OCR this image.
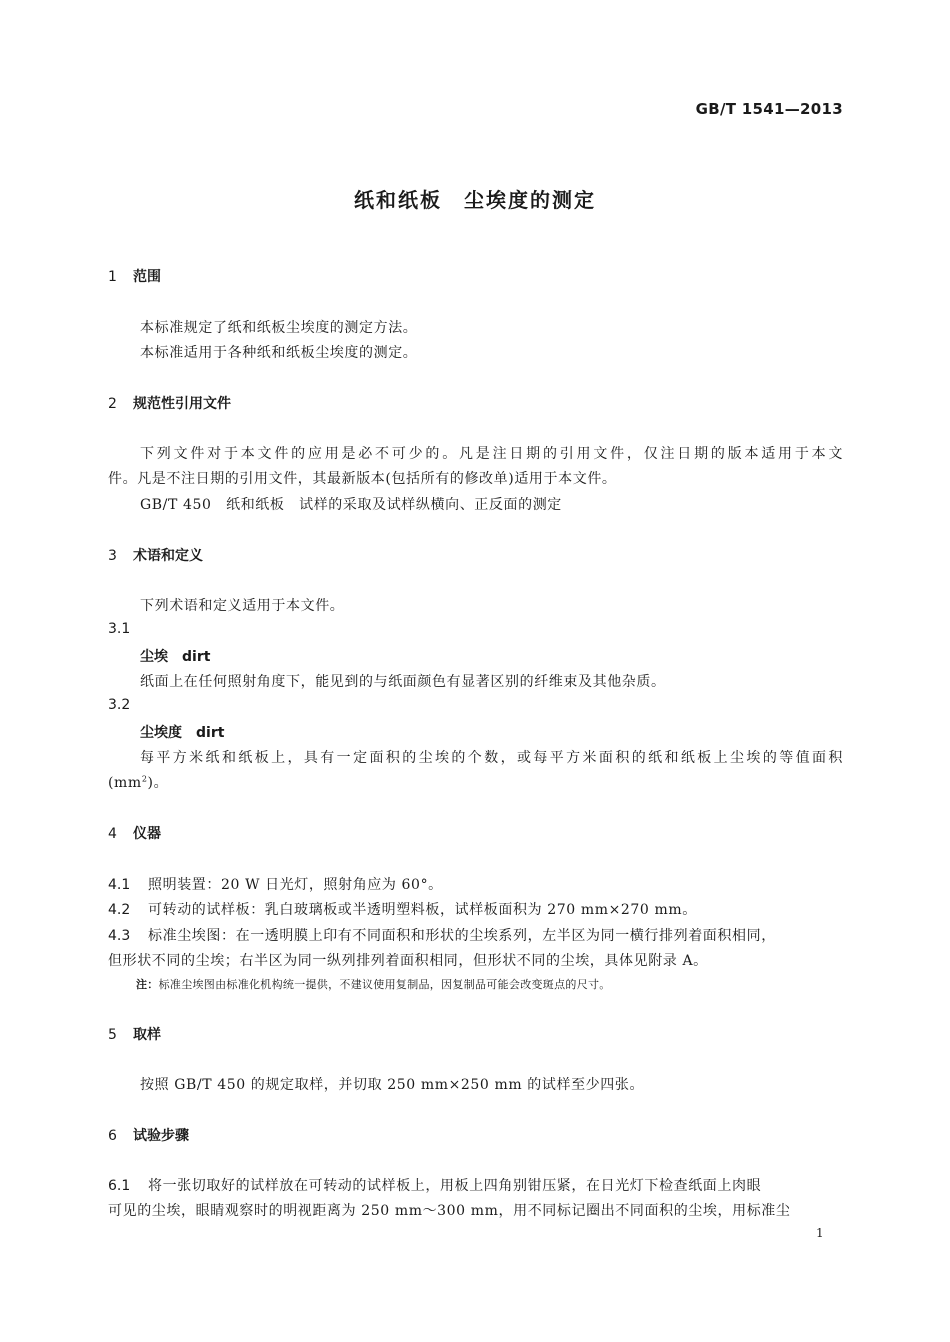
GB/T 1541—2013
纸和纸板　尘埃度的测定
1 范围
本标准规定了纸和纸板尘埃度的测定方法。
本标准适用于各种纸和纸板尘埃度的测定。
2 规范性引用文件
下列文件对于本文件的应用是必不可少的。凡是注日期的引用文件，仅注日期的版本适用于本文
件。凡是不注日期的引用文件，其最新版本(包括所有的修改单)适用于本文件。
GB/T 450　纸和纸板　试样的采取及试样纵横向、正反面的测定
3 术语和定义
下列术语和定义适用于本文件。
3.1
尘埃　dirt
纸面上在任何照射角度下，能见到的与纸面颜色有显著区别的纤维束及其他杂质。
3.2
尘埃度　dirt
每平方米纸和纸板上，具有一定面积的尘埃的个数，或每平方米面积的纸和纸板上尘埃的等值面积
$(mm^2)$。
4 仪器
4.1 照明装置：20 W 日光灯，照射角应为 60°。
4.2 可转动的试样板：乳白玻璃板或半透明塑料板，试样板面积为 270 mm×270 mm。
4.3 标准尘埃图：在一透明膜上印有不同面积和形状的尘埃系列，左半区为同一横行排列着面积相同，
但形状不同的尘埃；右半区为同一纵列排列着面积相同，但形状不同的尘埃，具体见附录 A。
注：标准尘埃图由标准化机构统一提供，不建议使用复制品，因复制品可能会改变斑点的尺寸。
5 取样
按照 GB/T 450 的规定取样，并切取 250 mm×250 mm 的试样至少四张。
6 试验步骤
6.1 将一张切取好的试样放在可转动的试样板上，用板上四角别钳压紧，在日光灯下检查纸面上肉眼
可见的尘埃，眼睛观察时的明视距离为 250 mm～300 mm，用不同标记圈出不同面积的尘埃，用标准尘
1
